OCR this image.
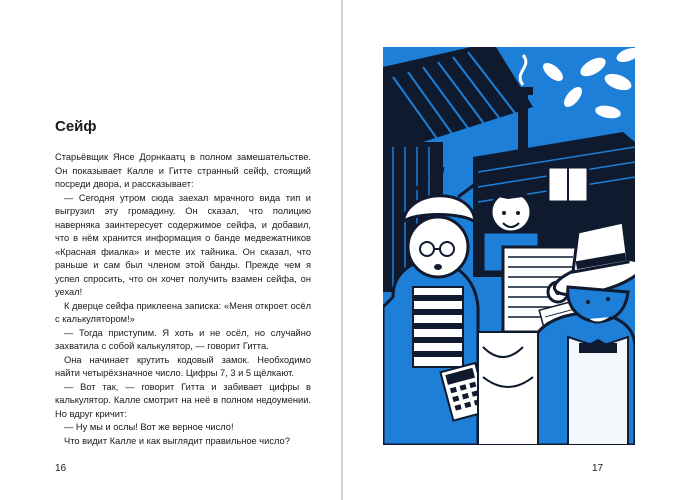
Сейф

Старьёвщик Янсе Дорнкаатц в полном замешательстве. Он показывает Калле и Гитте странный сейф, стоящий посреди двора, и рассказывает:

— Сегодня утром сюда заехал мрачного вида тип и выгрузил эту громадину. Он сказал, что полицию наверняка заинтересует содержимое сейфа, и добавил, что в нём хранится информация о банде медвежатников «Красная фиалка» и месте их тайника. Он сказал, что раньше и сам был членом этой банды. Прежде чем я успел спросить, что он хочет получить взамен сейфа, он уехал!

К дверце сейфа приклеена записка: «Меня откроет осёл с калькулятором!»

— Тогда приступим. Я хоть и не осёл, но случайно захватила с собой калькулятор, — говорит Гитта.

Она начинает крутить кодовый замок. Необходимо найти четырёхзначное число. Цифры 7, 3 и 5 щёлкают.

— Вот так, — говорит Гитта и забивает цифры в калькулятор. Калле смотрит на неё в полном недоумении. Но вдруг кричит:

— Ну мы и ослы! Вот же верное число!

Что видит Калле и как выглядит правильное число?

16	17
